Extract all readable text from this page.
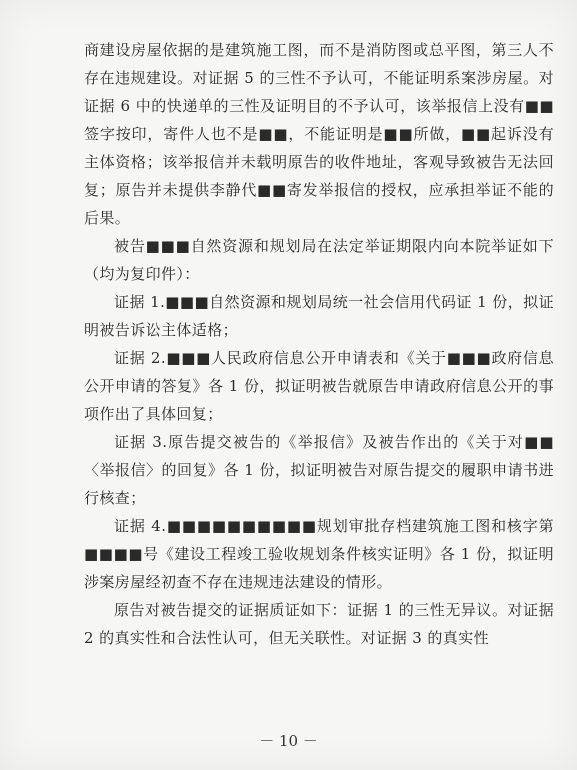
商建设房屋依据的是建筑施工图，而不是消防图或总平图，第三人不存在违规建设。对证据 5 的三性不予认可，不能证明系案涉房屋。对证据 6 中的快递单的三性及证明目的不予认可，该举报信上没有■■签字按印，寄件人也不是■■，不能证明是■■所做，■■起诉没有主体资格；该举报信并未载明原告的收件地址，客观导致被告无法回复；原告并未提供李静代■■寄发举报信的授权，应承担举证不能的后果。

被告■■■自然资源和规划局在法定举证期限内向本院举证如下（均为复印件）：

证据 1.■■■自然资源和规划局统一社会信用代码证 1 份，拟证明被告诉讼主体适格；

证据 2.■■■人民政府信息公开申请表和《关于■■■政府信息公开申请的答复》各 1 份，拟证明被告就原告申请政府信息公开的事项作出了具体回复；

证据 3.原告提交被告的《举报信》及被告作出的《关于对■■〈举报信〉的回复》各 1 份，拟证明被告对原告提交的履职申请书进行核查；

证据 4.■■■■■■■■■■规划审批存档建筑施工图和核字第■■■■号《建设工程竣工验收规划条件核实证明》各 1 份，拟证明涉案房屋经初查不存在违规违法建设的情形。

原告对被告提交的证据质证如下：证据 1 的三性无异议。对证据 2 的真实性和合法性认可，但无关联性。对证据 3 的真实性

－ 10 －
